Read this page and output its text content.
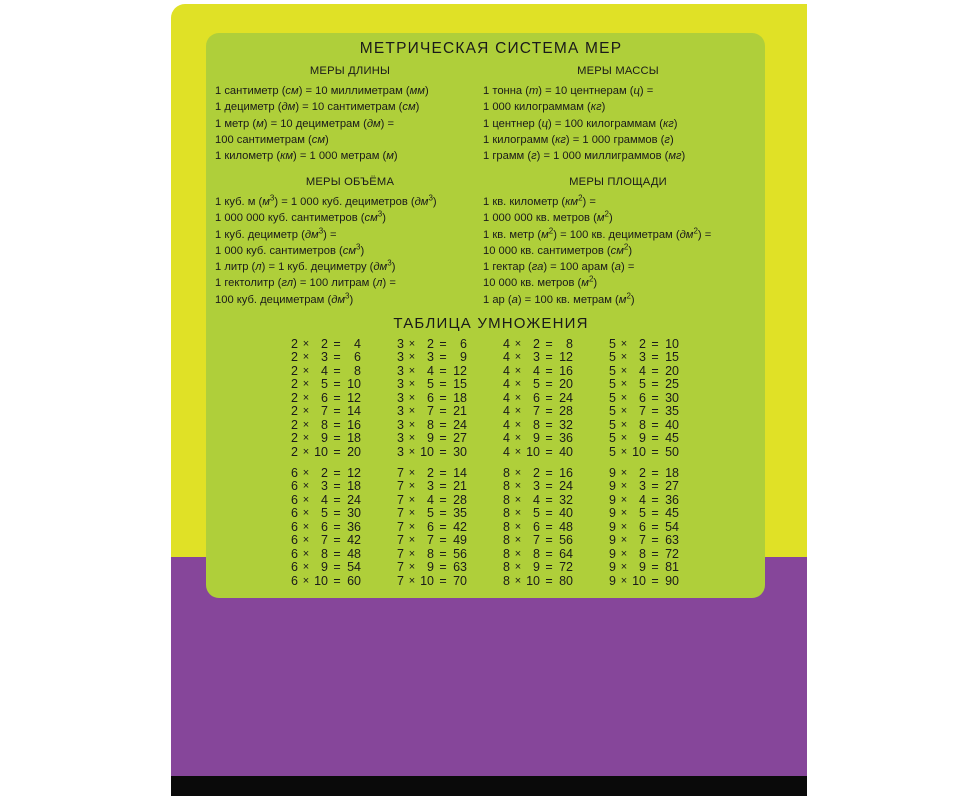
МЕТРИЧЕСКАЯ СИСТЕМА МЕР
МЕРЫ ДЛИНЫ
1 сантиметр (см) = 10 миллиметрам (мм)
1 дециметр (дм) = 10 сантиметрам (см)
1 метр (м) = 10 дециметрам (дм) =
100 сантиметрам (см)
1 километр (км) = 1 000 метрам (м)
МЕРЫ МАССЫ
1 тонна (т) = 10 центнерам (ц) =
1 000 килограммам (кг)
1 центнер (ц) = 100 килограммам (кг)
1 килограмм (кг) = 1 000 граммов (г)
1 грамм (г) = 1 000 миллиграммов (мг)
МЕРЫ ОБЪЁМА
1 куб. м $(м^3) = 1$ 000 куб. дециметров $(дм^3)$
1 000 000 куб. сантиметров $(см^3)$
1 куб. дециметр $(дм^3)$ =
1 000 куб. сантиметров $(см^3)$
1 литр (л) = 1 куб. дециметру $(дм^3)$
1 гектолитр (гл) = 100 литрам (л) =
100 куб. дециметрам $(дм^3)$
МЕРЫ ПЛОЩАДИ
1 кв. километр $(км^2)$ =
1 000 000 кв. метров $(м^2)$
1 кв. метр $(м^2) = 100$ кв. дециметрам $(дм^2)$ =
10 000 кв. сантиметров $(см^2)$
1 гектар (га) = 100 арам (а) =
10 000 кв. метров $(м^2)$
1 ар (а) = 100 кв. метрам $(м^2)$
ТАБЛИЦА УМНОЖЕНИЯ
2 × 2 =	4
2 × 3 =	6
2 × 4 =	8
2 × 5 = 10
2 × 6 = 12
2 × 7 = 14
2 × 8 = 16
2 × 9 = 18
2 × 10 = 20
3 × 2 =	6
3 × 3 =	9
3 × 4 = 12
3 × 5 = 15
3 × 6 = 18
3 × 7 = 21
3 × 8 = 24
3 × 9 = 27
3 × 10 = 30
4 × 2 =	8
4 × 3 = 12
4 × 4 = 16
4 × 5 = 20
4 × 6 = 24
4 × 7 = 28
4 × 8 = 32
4 × 9 = 36
4 × 10 = 40
5 × 2 = 10
5 × 3 = 15
5 × 4 = 20
5 × 5 = 25
5 × 6 = 30
5 × 7 = 35
5 × 8 = 40
5 × 9 = 45
5 × 10 = 50
6 × 2 = 12
6 × 3 = 18
6 × 4 = 24
6 × 5 = 30
6 × 6 = 36
6 × 7 = 42
6 × 8 = 48
6 × 9 = 54
6 × 10 = 60
7 × 2 = 14
7 × 3 = 21
7 × 4 = 28
7 × 5 = 35
7 × 6 = 42
7 × 7 = 49
7 × 8 = 56
7 × 9 = 63
7 × 10 = 70
8 × 2 = 16
8 × 3 = 24
8 × 4 = 32
8 × 5 = 40
8 × 6 = 48
8 × 7 = 56
8 × 8 = 64
8 × 9 = 72
8 × 10 = 80
9 × 2 = 18
9 × 3 = 27
9 × 4 = 36
9 × 5 = 45
9 × 6 = 54
9 × 7 = 63
9 × 8 = 72
9 × 9 = 81
9 × 10 = 90
